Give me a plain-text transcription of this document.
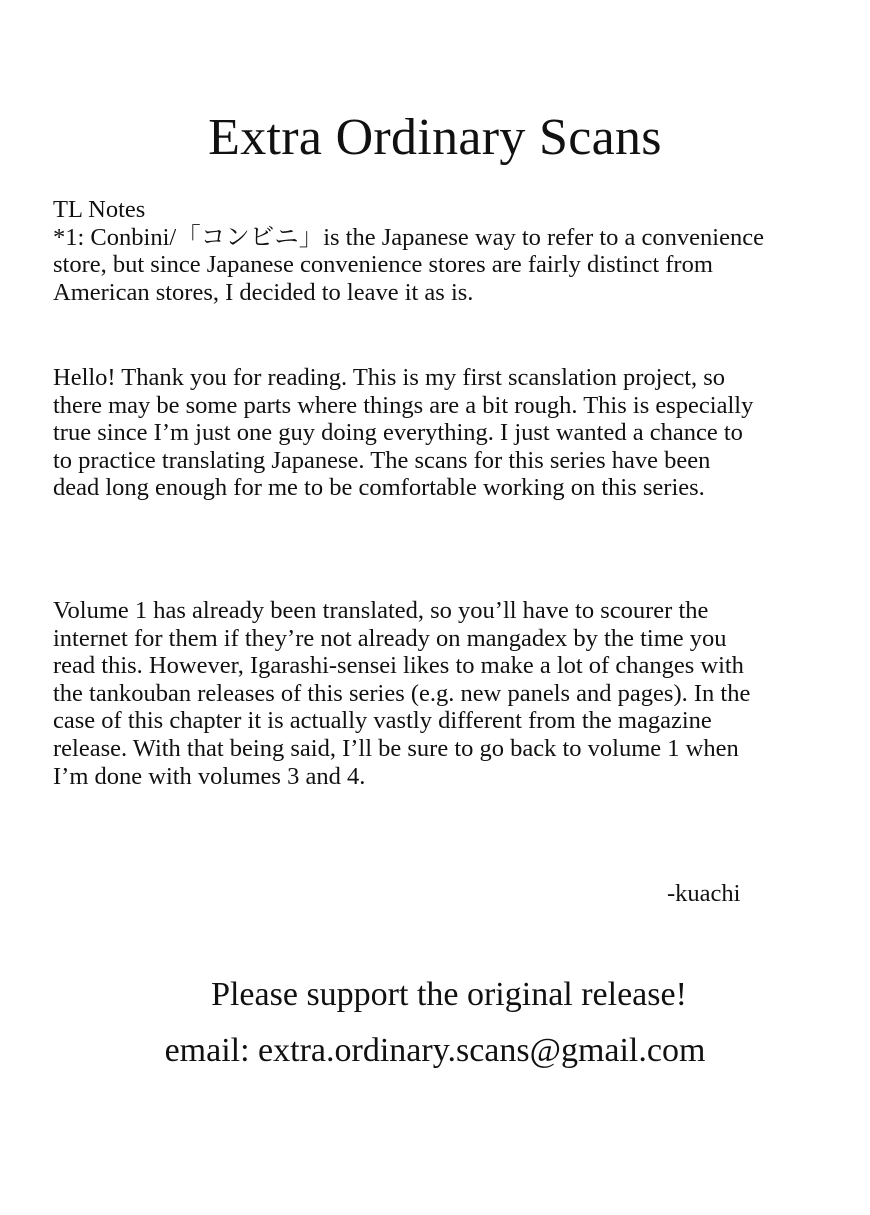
Extra Ordinary Scans

TL Notes

*1: Conbini/「コンビニ」is the Japanese way to refer to a convenience

store, but since Japanese convenience stores are fairly distinct from

American stores, I decided to leave it as is.

Hello! Thank you for reading. This is my first scanslation project, so

there may be some parts where things are a bit rough. This is especially

true since I’m just one guy doing everything. I just wanted a chance to

to practice translating Japanese. The scans for this series have been

dead long enough for me to be comfortable working on this series.

Volume 1 has already been translated, so you’ll have to scourer the

internet for them if they’re not already on mangadex by the time you

read this. However, Igarashi-sensei likes to make a lot of changes with

the tankouban releases of this series (e.g. new panels and pages). In the

case of this chapter it is actually vastly different from the magazine

release. With that being said, I’ll be sure to go back to volume 1 when

I’m done with volumes 3 and 4.

-kuachi

Please support the original release!

email: extra.ordinary.scans@gmail.com
